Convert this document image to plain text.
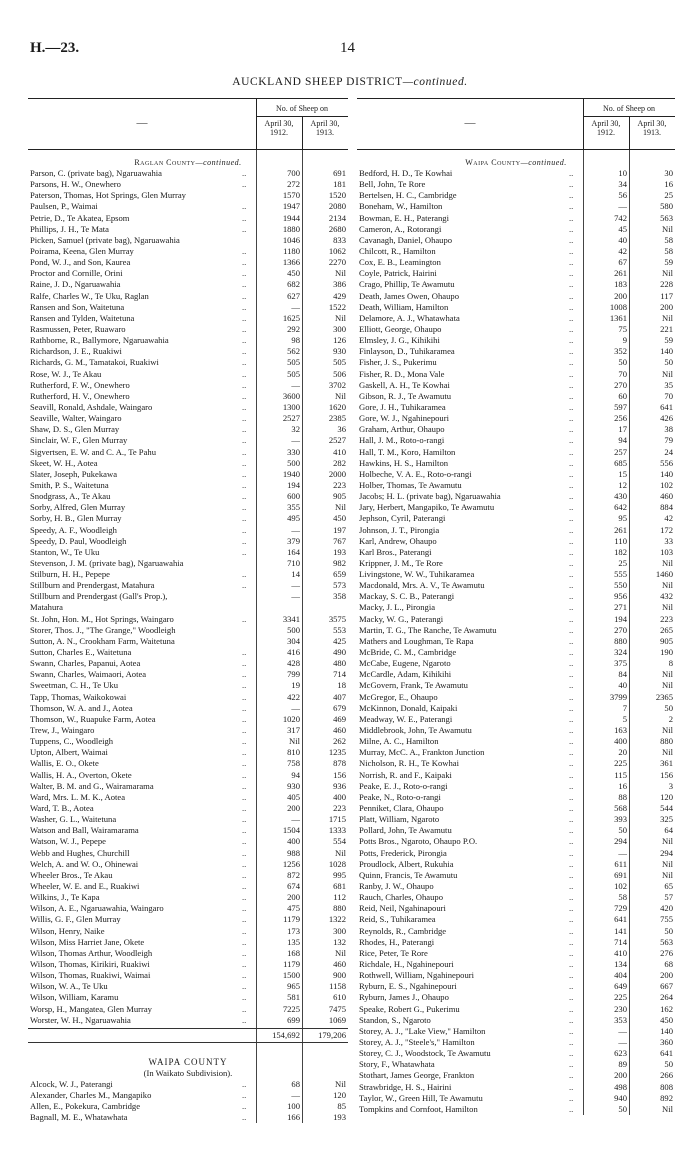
H.—23.	14
AUCKLAND SHEEP DISTRICT—continued.
—
No. of Sheep on
April 30,
1912.
April 30,
1913.
Raglan County—continued.
Parson, C. (private bag), Ngaruawahia	..	700	691
Parsons, H. W., Onewhero	..	272	181
Paterson, Thomas, Hot Springs, Glen Murray	1570	1520
Paulsen, P., Waimai	..	1947	2080
Petrie, D., Te Akatea, Epsom	..	1944	2134
Phillips, J. H., Te Mata	..	1880	2680
Picken, Samuel (private bag), Ngaruawahia	1046	833
Poirama, Keena, Glen Murray	..	1180	1062
Pond, W. J., and Son, Kaurea	..	1366	2270
Proctor and Cornille, Orini	..	450	Nil
Raine, J. D., Ngaruawahia	..	682	386
Ralfe, Charles W., Te Uku, Raglan	..	627	429
Ransen and Son, Waitetuna	..	—	1522
Ransen and Tylden, Waitetuna	..	1625	Nil
Rasmussen, Peter, Ruawaro	..	292	300
Rathborne, R., Ballymore, Ngaruawahia	..	98	126
Richardson, J. E., Ruakiwi	..	562	930
Richards, G. M., Tamatakoi, Ruakiwi	..	505	505
Rose, W. J., Te Akau	..	505	506
Rutherford, F. W., Onewhero	..	—	3702
Rutherford, H. V., Onewhero	..	3600	Nil
Seavill, Ronald, Ashdale, Waingaro	..	1300	1620
Seaville, Walter, Waingaro	..	2527	2385
Shaw, D. S., Glen Murray	..	32	36
Sinclair, W. F., Glen Murray	..	—	2527
Sigvertsen, E. W. and C. A., Te Pahu	..	330	410
Skeet, W. H., Aotea	..	500	282
Slater, Joseph, Pukekawa	..	1940	2000
Smith, P. S., Waitetuna	..	194	223
Snodgrass, A., Te Akau	..	600	905
Sorby, Alfred, Glen Murray	..	355	Nil
Sorby, H. B., Glen Murray	..	495	450
Speedy, A. F., Woodleigh	..	—	197
Speedy, D. Paul, Woodleigh	..	379	767
Stanton, W., Te Uku	..	164	193
Stevenson, J. M. (private bag), Ngaruawahia	710	982
Stilburn, H. H., Pepepe	..	14	659
Stillburn and Prendergast, Matahura	..	—	573
Stillburn and Prendergast (Gall's Prop.),	—	358
Matahura
St. John, Hon. M., Hot Springs, Waingaro	..	3341	3575
Storer, Thos. J., "The Grange," Woodleigh	500	553
Sutton, A. N., Crookham Farm, Waitetuna	304	425
Sutton, Charles E., Waitetuna	..	416	490
Swann, Charles, Papanui, Aotea	..	428	480
Swann, Charles, Waimaori, Aotea	..	799	714
Sweetman, C. H., Te Uku	..	19	18
Tapp, Thomas, Waikokowai	..	422	407
Thomson, W. A. and J., Aotea	..	—	679
Thomson, W., Ruapuke Farm, Aotea	..	1020	469
Trew, J., Waingaro	..	317	460
Tuppens, C., Woodleigh	..	Nil	262
Upton, Albert, Waimai	..	810	1235
Wallis, E. O., Okete	..	758	878
Wallis, H. A., Overton, Okete	..	94	156
Walter, B. M. and G., Wairamarama	..	930	936
Ward, Mrs. L. M. K., Aotea	..	405	400
Ward, T. B., Aotea	..	200	223
Washer, G. L., Waitetuna	..	—	1715
Watson and Ball, Wairamarama	..	1504	1333
Watson, W. J., Pepepe	..	400	554
Webb and Hughes, Churchill	..	988	Nil
Welch, A. and W. O., Ohinewai	..	1256	1028
Wheeler Bros., Te Akau	..	872	995
Wheeler, W. E. and E., Ruakiwi	..	674	681
Wilkins, J., Te Kapa	..	200	112
Wilson, A. E., Ngaruawahia, Waingaro	..	475	880
Willis, G. F., Glen Murray	..	1179	1322
Wilson, Henry, Naike	..	173	300
Wilson, Miss Harriet Jane, Okete	..	135	132
Wilson, Thomas Arthur, Woodleigh	..	168	Nil
Wilson, Thomas, Kirikiri, Ruakiwi	..	1179	460
Wilson, Thomas, Ruakiwi, Waimai	..	1500	900
Wilson, W. A., Te Uku	..	965	1158
Wilson, William, Karamu	..	581	610
Worsp, H., Mangatea, Glen Murray	..	7225	7475
Worster, W. H., Ngaruawahia	..	699	1069
154,692	179,206
WAIPA COUNTY
(In Waikato Subdivision).
Alcock, W. J., Paterangi	..	68	Nil
Alexander, Charles M., Mangapiko	..	—	120
Allen, E., Pokekura, Cambridge	..	100	85
Bagnall, M. E., Whatawhata	..	166	193
—
No. of Sheep on
April 30,
1912.
April 30,
1913.
Waipa County—continued.
Bedford, H. D., Te Kowhai	..	10	30
Bell, John, Te Rore	..	34	16
Bertelsen, H. C., Cambridge	..	56	25
Boneham, W., Hamilton	..	—	580
Bowman, E. H., Paterangi	..	742	563
Cameron, A., Rotorangi	..	45	Nil
Cavanagh, Daniel, Ohaupo	..	40	58
Chilcott, R., Hamilton	..	42	58
Cox, E. B., Leamington	..	67	59
Coyle, Patrick, Hairini	..	261	Nil
Crago, Phillip, Te Awamutu	..	183	228
Death, James Owen, Ohaupo	..	200	117
Death, William, Hamilton	..	1008	200
Delamore, A. J., Whatawhata	..	1361	Nil
Elliott, George, Ohaupo	..	75	221
Elmsley, J. G., Kihikihi	..	9	59
Finlayson, D., Tuhikaramea	..	352	140
Fisher, J. S., Pukerimu	..	50	50
Fisher, R. D., Mona Vale	..	70	Nil
Gaskell, A. H., Te Kowhai	..	270	35
Gibson, R. J., Te Awamutu	..	60	70
Gore, J. H., Tuhikaramea	..	597	641
Gore, W. J., Ngahinepouri	..	256	426
Graham, Arthur, Ohaupo	..	17	38
Hall, J. M., Roto-o-rangi	..	94	79
Hall, T. M., Koro, Hamilton	..	257	24
Hawkins, H. S., Hamilton	..	685	556
Holbeche, V. A. E., Roto-o-rangi	..	15	140
Holber, Thomas, Te Awamutu	..	12	102
Jacobs; H. L. (private bag), Ngaruawahia	..	430	460
Jary, Herbert, Mangapiko, Te Awamutu	..	642	884
Jephson, Cyril, Paterangi	..	95	42
Johnson, J. T., Pirongia	..	261	172
Karl, Andrew, Ohaupo	..	110	33
Karl Bros., Paterangi	..	182	103
Krippner, J. M., Te Rore	..	25	Nil
Livingstone, W. W., Tuhikaramea	..	555	1460
Macdonald, Mrs. A. V., Te Awamutu	..	550	Nil
Mackay, S. C. B., Paterangi	..	956	432
Macky, J. L., Pirongia	..	271	Nil
Macky, W. G., Paterangi	..	194	223
Martin, T. G., The Ranche, Te Awamutu	..	270	265
Mathers and Loughman, Te Rapa	..	880	905
McBride, C. M., Cambridge	..	324	190
McCabe, Eugene, Ngaroto	..	375	8
McCardle, Adam, Kihikihi	..	84	Nil
McGovern, Frank, Te Awamutu	..	40	Nil
McGregor, E., Ohaupo	..	3799	2365
McKinnon, Donald, Kaipaki	..	7	50
Meadway, W. E., Paterangi	..	5	2
Middlebrook, John, Te Awamutu	..	163	Nil
Milne, A. C., Hamilton	..	400	880
Murray, McC. A., Frankton Junction	..	20	Nil
Nicholson, R. H., Te Kowhai	..	225	361
Norrish, R. and F., Kaipaki	..	115	156
Peake, E. J., Roto-o-rangi	..	16	3
Peake, N., Roto-o-rangi	..	88	120
Penniket, Clara, Ohaupo	..	568	544
Platt, William, Ngaroto	..	393	325
Pollard, John, Te Awamutu	..	50	64
Potts Bros., Ngaroto, Ohaupo P.O.	..	294	Nil
Potts, Frederick, Pirongia	..	—	294
Proudlock, Albert, Rukuhia	..	611	Nil
Quinn, Francis, Te Awamutu	..	691	Nil
Ranby, J. W., Ohaupo	..	102	65
Rauch, Charles, Ohaupo	..	58	57
Reid, Neil, Ngahinapouri	..	729	420
Reid, S., Tuhikaramea	..	641	755
Reynolds, R., Cambridge	..	141	50
Rhodes, H., Paterangi	..	714	563
Rice, Peter, Te Rore	..	410	276
Richdale, H., Ngahinepouri	..	134	68
Rothwell, William, Ngahinepouri	..	404	200
Ryburn, E. S., Ngahinepouri	..	649	667
Ryburn, James J., Ohaupo	..	225	264
Speake, Robert G., Pukerimu	..	230	162
Standon, S., Ngaroto	..	353	450
Storey, A. J., "Lake View," Hamilton	..	—	140
Storey, A. J., "Steele's," Hamilton	..	—	360
Storey, C. J., Woodstock, Te Awamutu	..	623	641
Story, F., Whatawhata	..	89	50
Stothart, James George, Frankton	..	200	266
Strawbridge, H. S., Hairini	..	498	808
Taylor, W., Green Hill, Te Awamutu	..	940	892
Tompkins and Cornfoot, Hamilton	..	50	Nil
